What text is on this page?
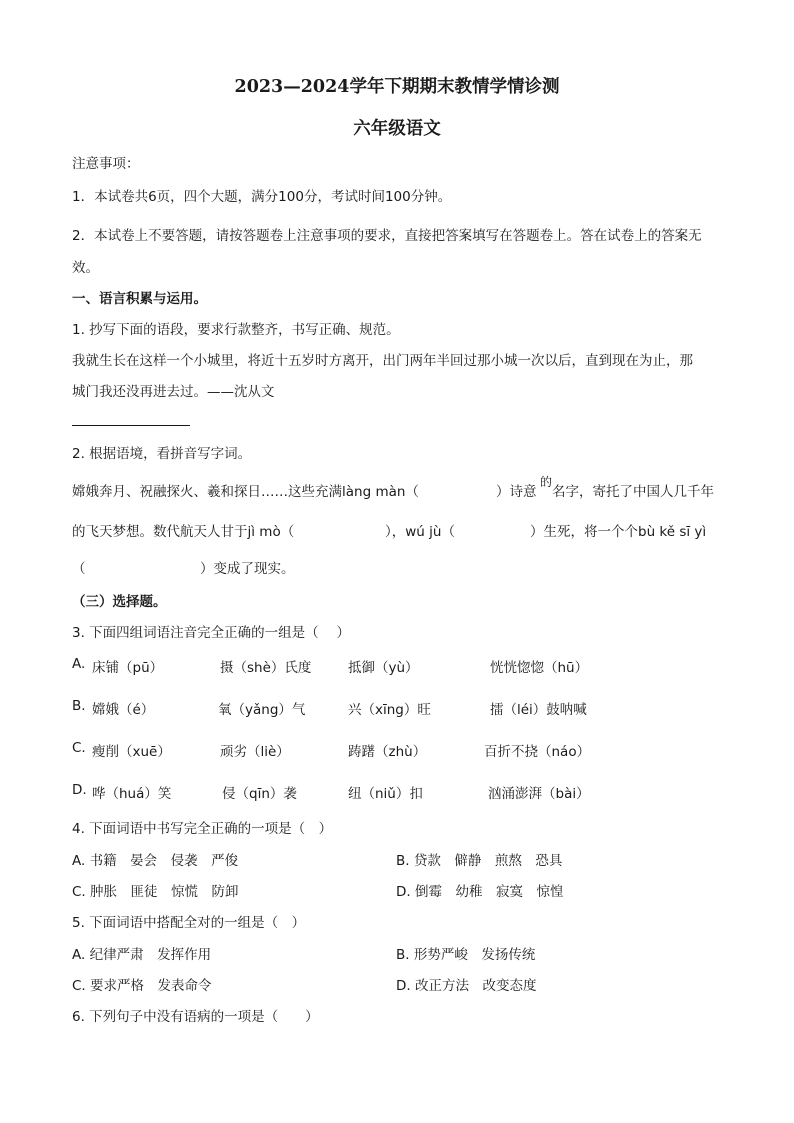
2023—2024学年下期期末教情学情诊测
六年级语文
注意事项：
1．本试卷共6页，四个大题，满分100分，考试时间100分钟。
2．本试卷上不要答题，请按答题卷上注意事项的要求，直接把答案填写在答题卷上。答在试卷上的答案无
效。
一、语言积累与运用。
1. 抄写下面的语段，要求行款整齐，书写正确、规范。
我就生长在这样一个小城里，将近十五岁时方离开，出门两年半回过那小城一次以后，直到现在为止，那
城门我还没再进去过。——沈从文
2. 根据语境，看拼音写字词。
嫦娥奔月、祝融探火、羲和探日……这些充满làng màn（	）诗意
的
名字，寄托了中国人几千年
的飞天梦想。数代航天人甘于jì mò（	），wú jù（	）生死，将一个个bù kě sī yì
（	）变成了现实。
（三）选择题。
3. 下面四组词语注音完全正确的一组是（　 ）
A. 床铺（pū）	摄（shè）氏度	抵御（yù）	恍恍惚惚（hū）
B. 嫦娥（é）	氧（yǎng）气	兴（xīng）旺	擂（léi）鼓呐喊
C. 瘦削（xuē）	顽劣（liè）	踌躇（zhù）	百折不挠（náo）
D. 哗（huá）笑	侵（qīn）袭	纽（niǔ）扣	汹涌澎湃（bài）
4. 下面词语中书写完全正确的一项是（　）
A. 书籍　晏会　侵袭　严俊	B. 贷款　僻静　煎熬　恐具
C. 肿胀　匪徒　惊慌　防卸	D. 倒霉　幼稚　寂寞　惊惶
5. 下面词语中搭配全对的一组是（　）
A. 纪律严肃　发挥作用	B. 形势严峻　发扬传统
C. 要求严格　发表命令	D. 改正方法　改变态度
6. 下列句子中没有语病的一项是（　　）
